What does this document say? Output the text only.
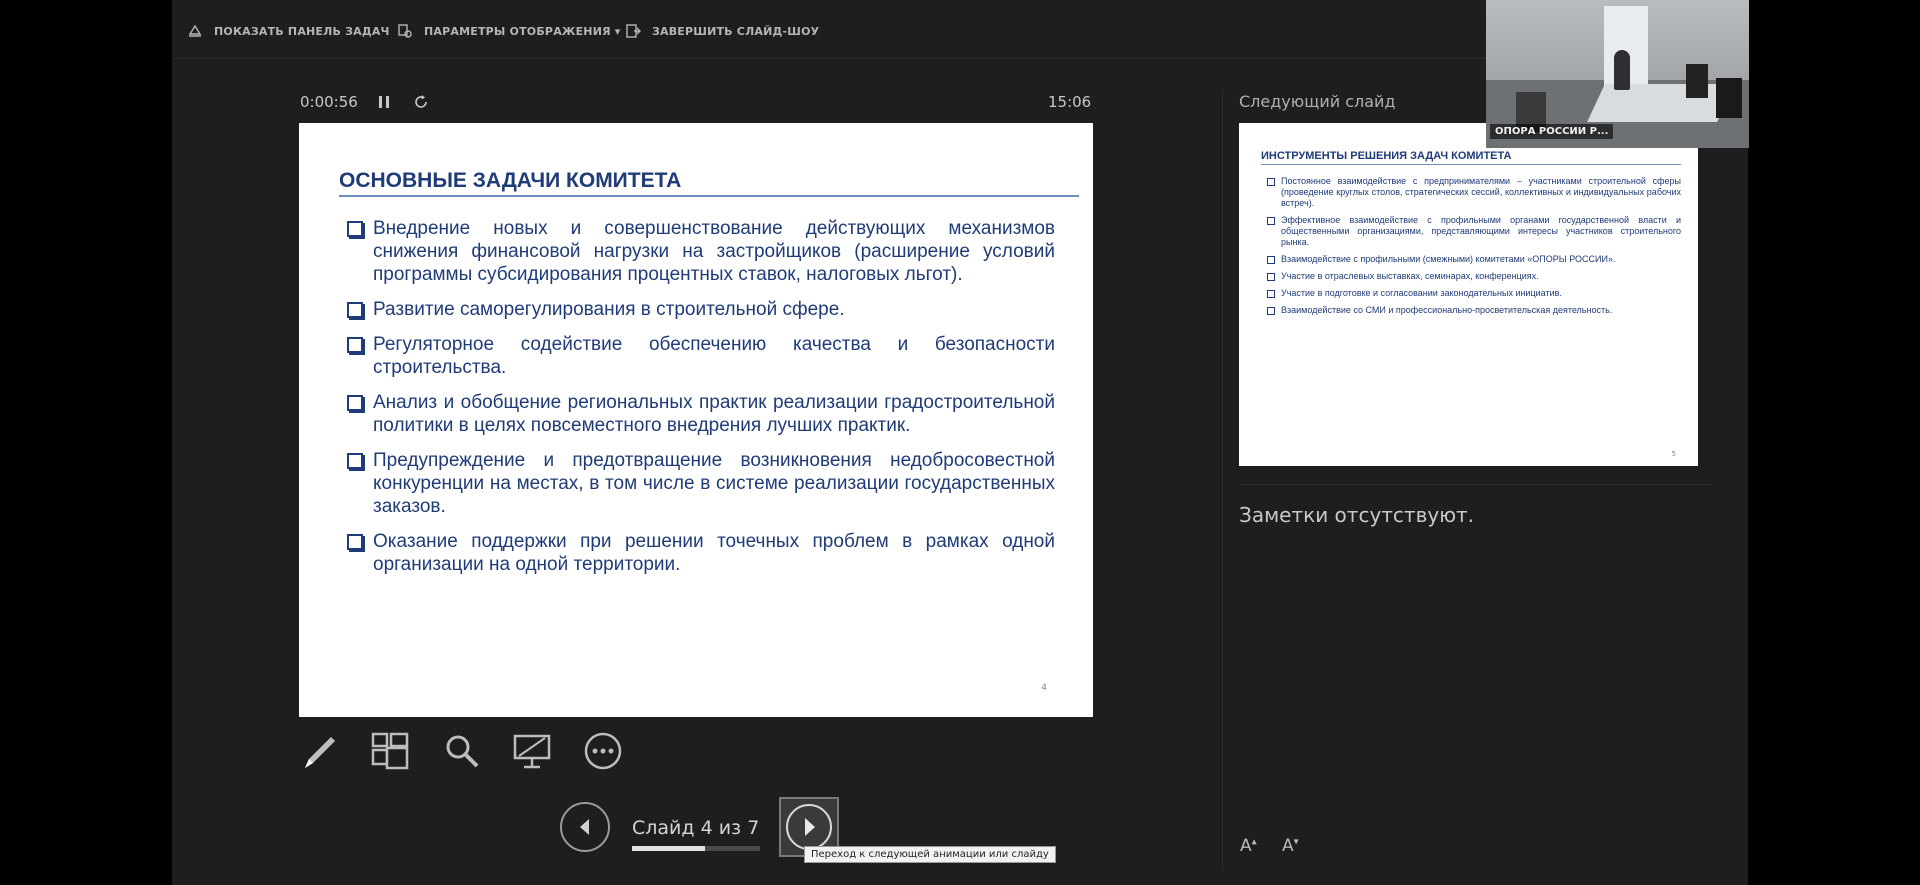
ПОКАЗАТЬ ПАНЕЛЬ ЗАДАЧ	ПАРАМЕТРЫ ОТОБРАЖЕНИЯ ▾	ЗАВЕРШИТЬ СЛАЙД-ШОУ
0:00:56	15:06
ОСНОВНЫЕ ЗАДАЧИ КОМИТЕТА
Внедрение новых и совершенствование действующих механизмов снижения финансовой нагрузки на застройщиков (расширение условий программы субсидирования процентных ставок, налоговых льгот).
Развитие саморегулирования в строительной сфере.
Регуляторное содействие обеспечению качества и безопасности строительства.
Анализ и обобщение региональных практик реализации градостроительной политики в целях повсеместного внедрения лучших практик.
Предупреждение и предотвращение возникновения недобросовестной конкуренции на местах, в том числе в системе реализации государственных заказов.
Оказание поддержки при решении точечных проблем в рамках одной организации на одной территории.
4
Слайд 4 из 7
Переход к следующей анимации или слайду
Следующий слайд
ИНСТРУМЕНТЫ РЕШЕНИЯ ЗАДАЧ КОМИТЕТА
Постоянное взаимодействие с предпринимателями – участниками строительной сферы (проведение круглых столов, стратегических сессий, коллективных и индивидуальных рабочих встреч).
Эффективное взаимодействие с профильными органами государственной власти и общественными организациями, представляющими интересы участников строительного рынка.
Взаимодействие с профильными (смежными) комитетами «ОПОРЫ РОССИИ».
Участие в отраслевых выставках, семинарах, конференциях.
Участие в подготовке и согласовании законодательных инициатив.
Взаимодействие со СМИ и профессионально-просветительская деятельность.
5
Заметки отсутствуют.
A▴ A▾
ОПОРА РОССИИ Р...
